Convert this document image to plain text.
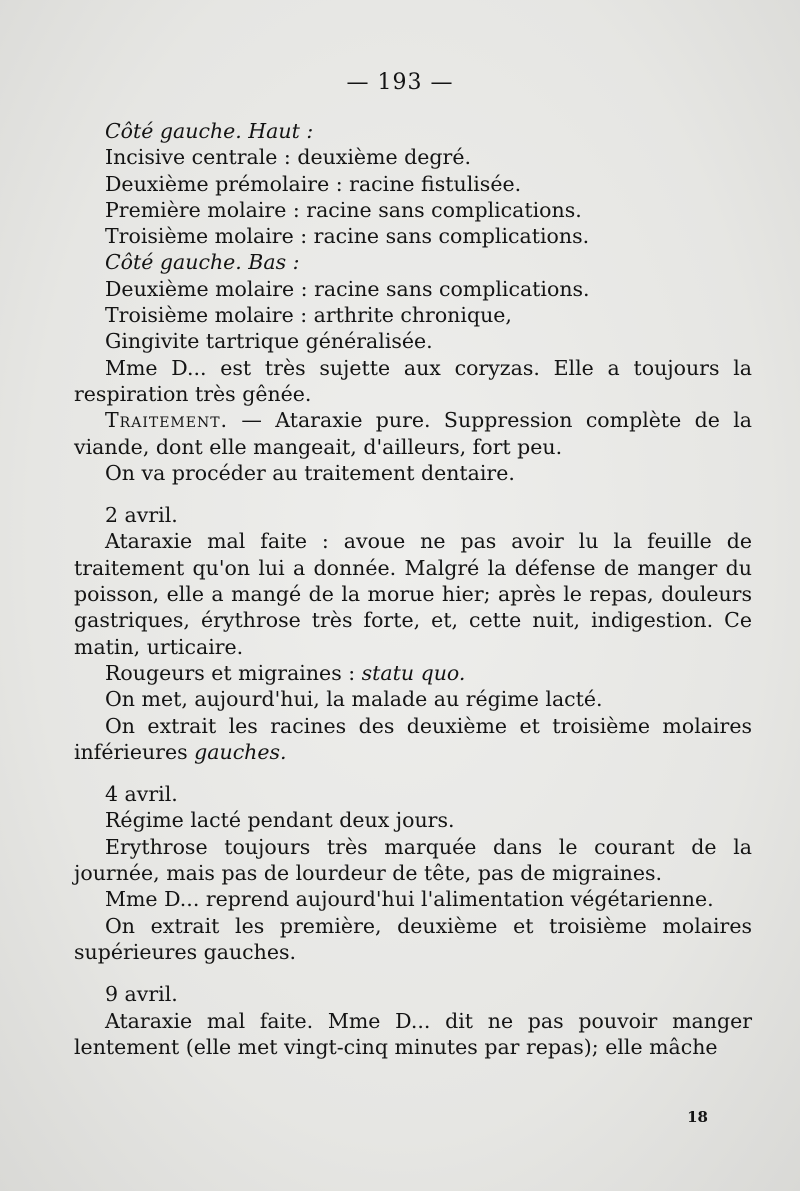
— 193 —

Côté gauche. Haut :

Incisive centrale : deuxième degré.

Deuxième prémolaire : racine fistulisée.

Première molaire : racine sans complications.

Troisième molaire : racine sans complications.

Côté gauche. Bas :

Deuxième molaire : racine sans complications.

Troisième molaire : arthrite chronique,

Gingivite tartrique généralisée.

Mme D... est très sujette aux coryzas. Elle a toujours la respiration très gênée.

Traitement. — Ataraxie pure. Suppression complète de la viande, dont elle mangeait, d'ailleurs, fort peu.

On va procéder au traitement dentaire.

2 avril.

Ataraxie mal faite : avoue ne pas avoir lu la feuille de traitement qu'on lui a donnée. Malgré la défense de manger du poisson, elle a mangé de la morue hier; après le repas, douleurs gastriques, érythrose très forte, et, cette nuit, indigestion. Ce matin, urticaire.

Rougeurs et migraines : statu quo.

On met, aujourd'hui, la malade au régime lacté.

On extrait les racines des deuxième et troisième molaires inférieures gauches.

4 avril.

Régime lacté pendant deux jours.

Erythrose toujours très marquée dans le courant de la journée, mais pas de lourdeur de tête, pas de migraines.

Mme D... reprend aujourd'hui l'alimentation végétarienne.

On extrait les première, deuxième et troisième molaires supérieures gauches.

9 avril.

Ataraxie mal faite. Mme D... dit ne pas pouvoir manger lentement (elle met vingt-cinq minutes par repas); elle mâche

18
